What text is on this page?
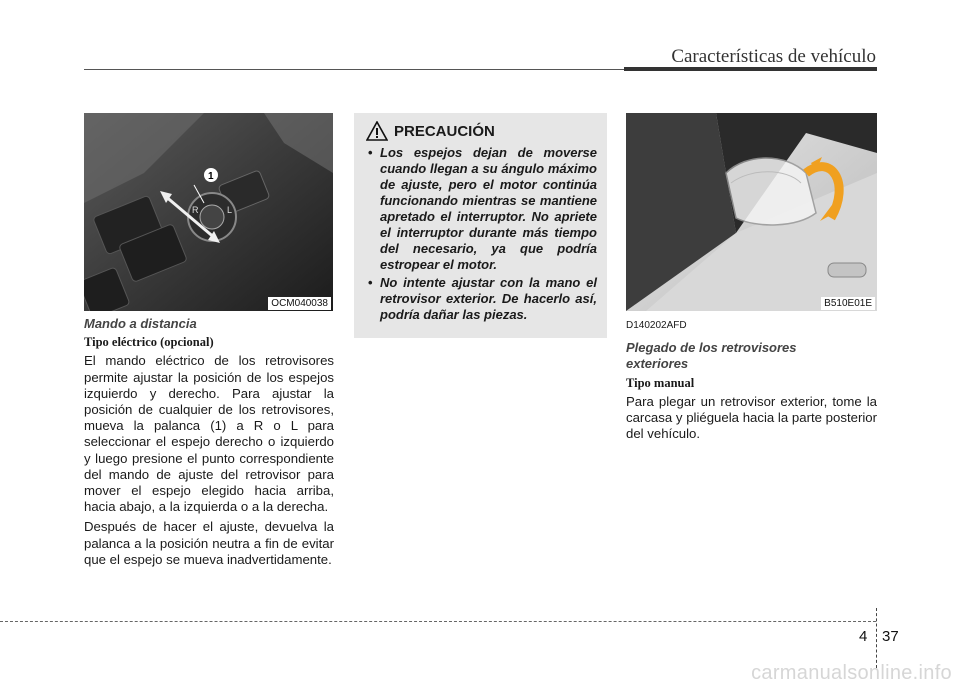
Características de vehículo
R	L
1
OCM040038	B510E01E
Mando a distancia
Tipo eléctrico (opcional)

El mando eléctrico de los retrovisores permite ajustar la posición de los espejos izquierdo y derecho. Para ajustar la posición de cualquier de los retrovisores, mueva la palanca (1) a R o L para seleccionar el espejo derecho o izquierdo y luego presione el punto correspondiente del mando de ajuste del retrovisor para mover el espejo elegido hacia arriba, hacia abajo, a la izquierda o a la derecha.

Después de hacer el ajuste, devuelva la palanca a la posición neutra a fin de evitar que el espejo se mueva inadvertidamente.

PRECAUCIÓN
• Los espejos dejan de moverse cuando llegan a su ángulo máximo de ajuste, pero el motor continúa funcionando mientras se mantiene apretado el interruptor. No apriete el interruptor durante más tiempo del necesario, ya que podría estropear el motor.
• No intente ajustar con la mano el retrovisor exterior. De hacerlo así, podría dañar las piezas.
D140202AFD
Plegado de los retrovisores exteriores
Tipo manual

Para plegar un retrovisor exterior, tome la carcasa y pliéguela hacia la parte posterior del vehículo.

4 37
carmanualsonline.info
